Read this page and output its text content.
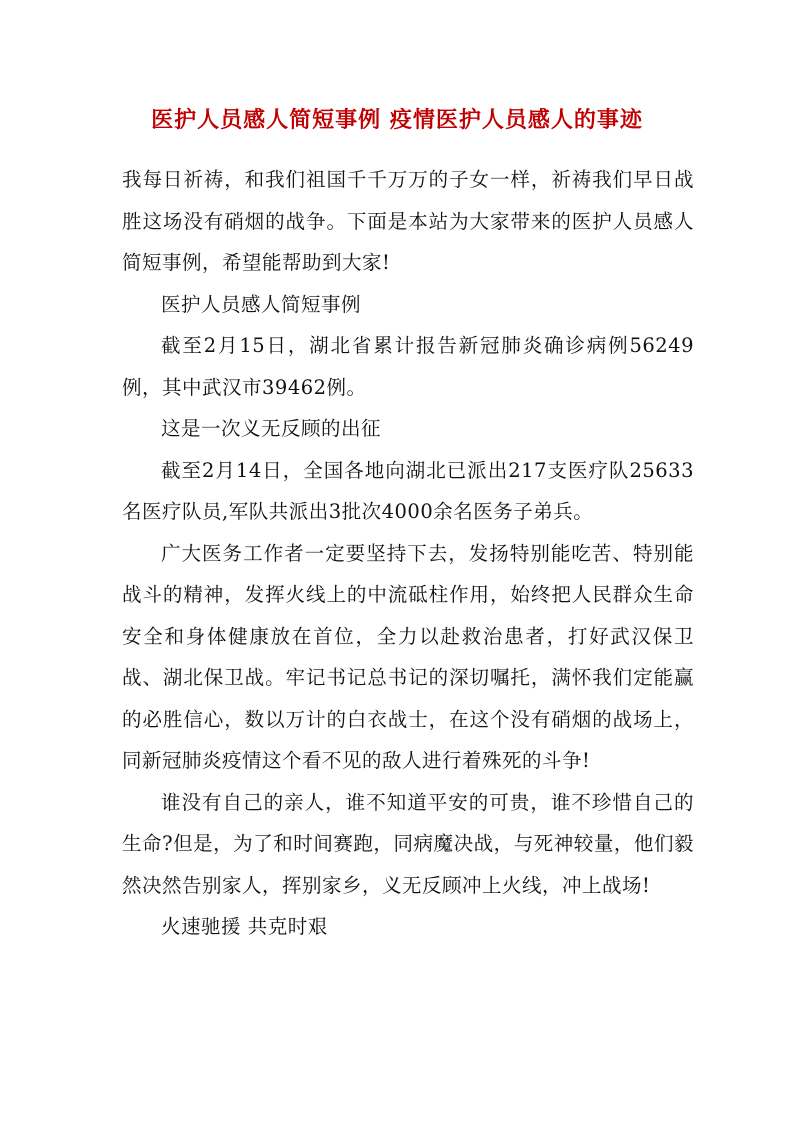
医护人员感人简短事例 疫情医护人员感人的事迹

我每日祈祷，和我们祖国千千万万的子女一样，祈祷我们早日战胜这场没有硝烟的战争。下面是本站为大家带来的医护人员感人简短事例，希望能帮助到大家!

医护人员感人简短事例

截至2月15日，湖北省累计报告新冠肺炎确诊病例56249例，其中武汉市39462例。

这是一次义无反顾的出征

截至2月14日，全国各地向湖北已派出217支医疗队25633名医疗队员,军队共派出3批次4000余名医务子弟兵。

广大医务工作者一定要坚持下去，发扬特别能吃苦、特别能战斗的精神，发挥火线上的中流砥柱作用，始终把人民群众生命安全和身体健康放在首位，全力以赴救治患者，打好武汉保卫战、湖北保卫战。牢记书记总书记的深切嘱托，满怀我们定能赢的必胜信心，数以万计的白衣战士，在这个没有硝烟的战场上，同新冠肺炎疫情这个看不见的敌人进行着殊死的斗争!

谁没有自己的亲人，谁不知道平安的可贵，谁不珍惜自己的生命?但是，为了和时间赛跑，同病魔决战，与死神较量，他们毅然决然告别家人，挥别家乡，义无反顾冲上火线，冲上战场!

火速驰援 共克时艰
